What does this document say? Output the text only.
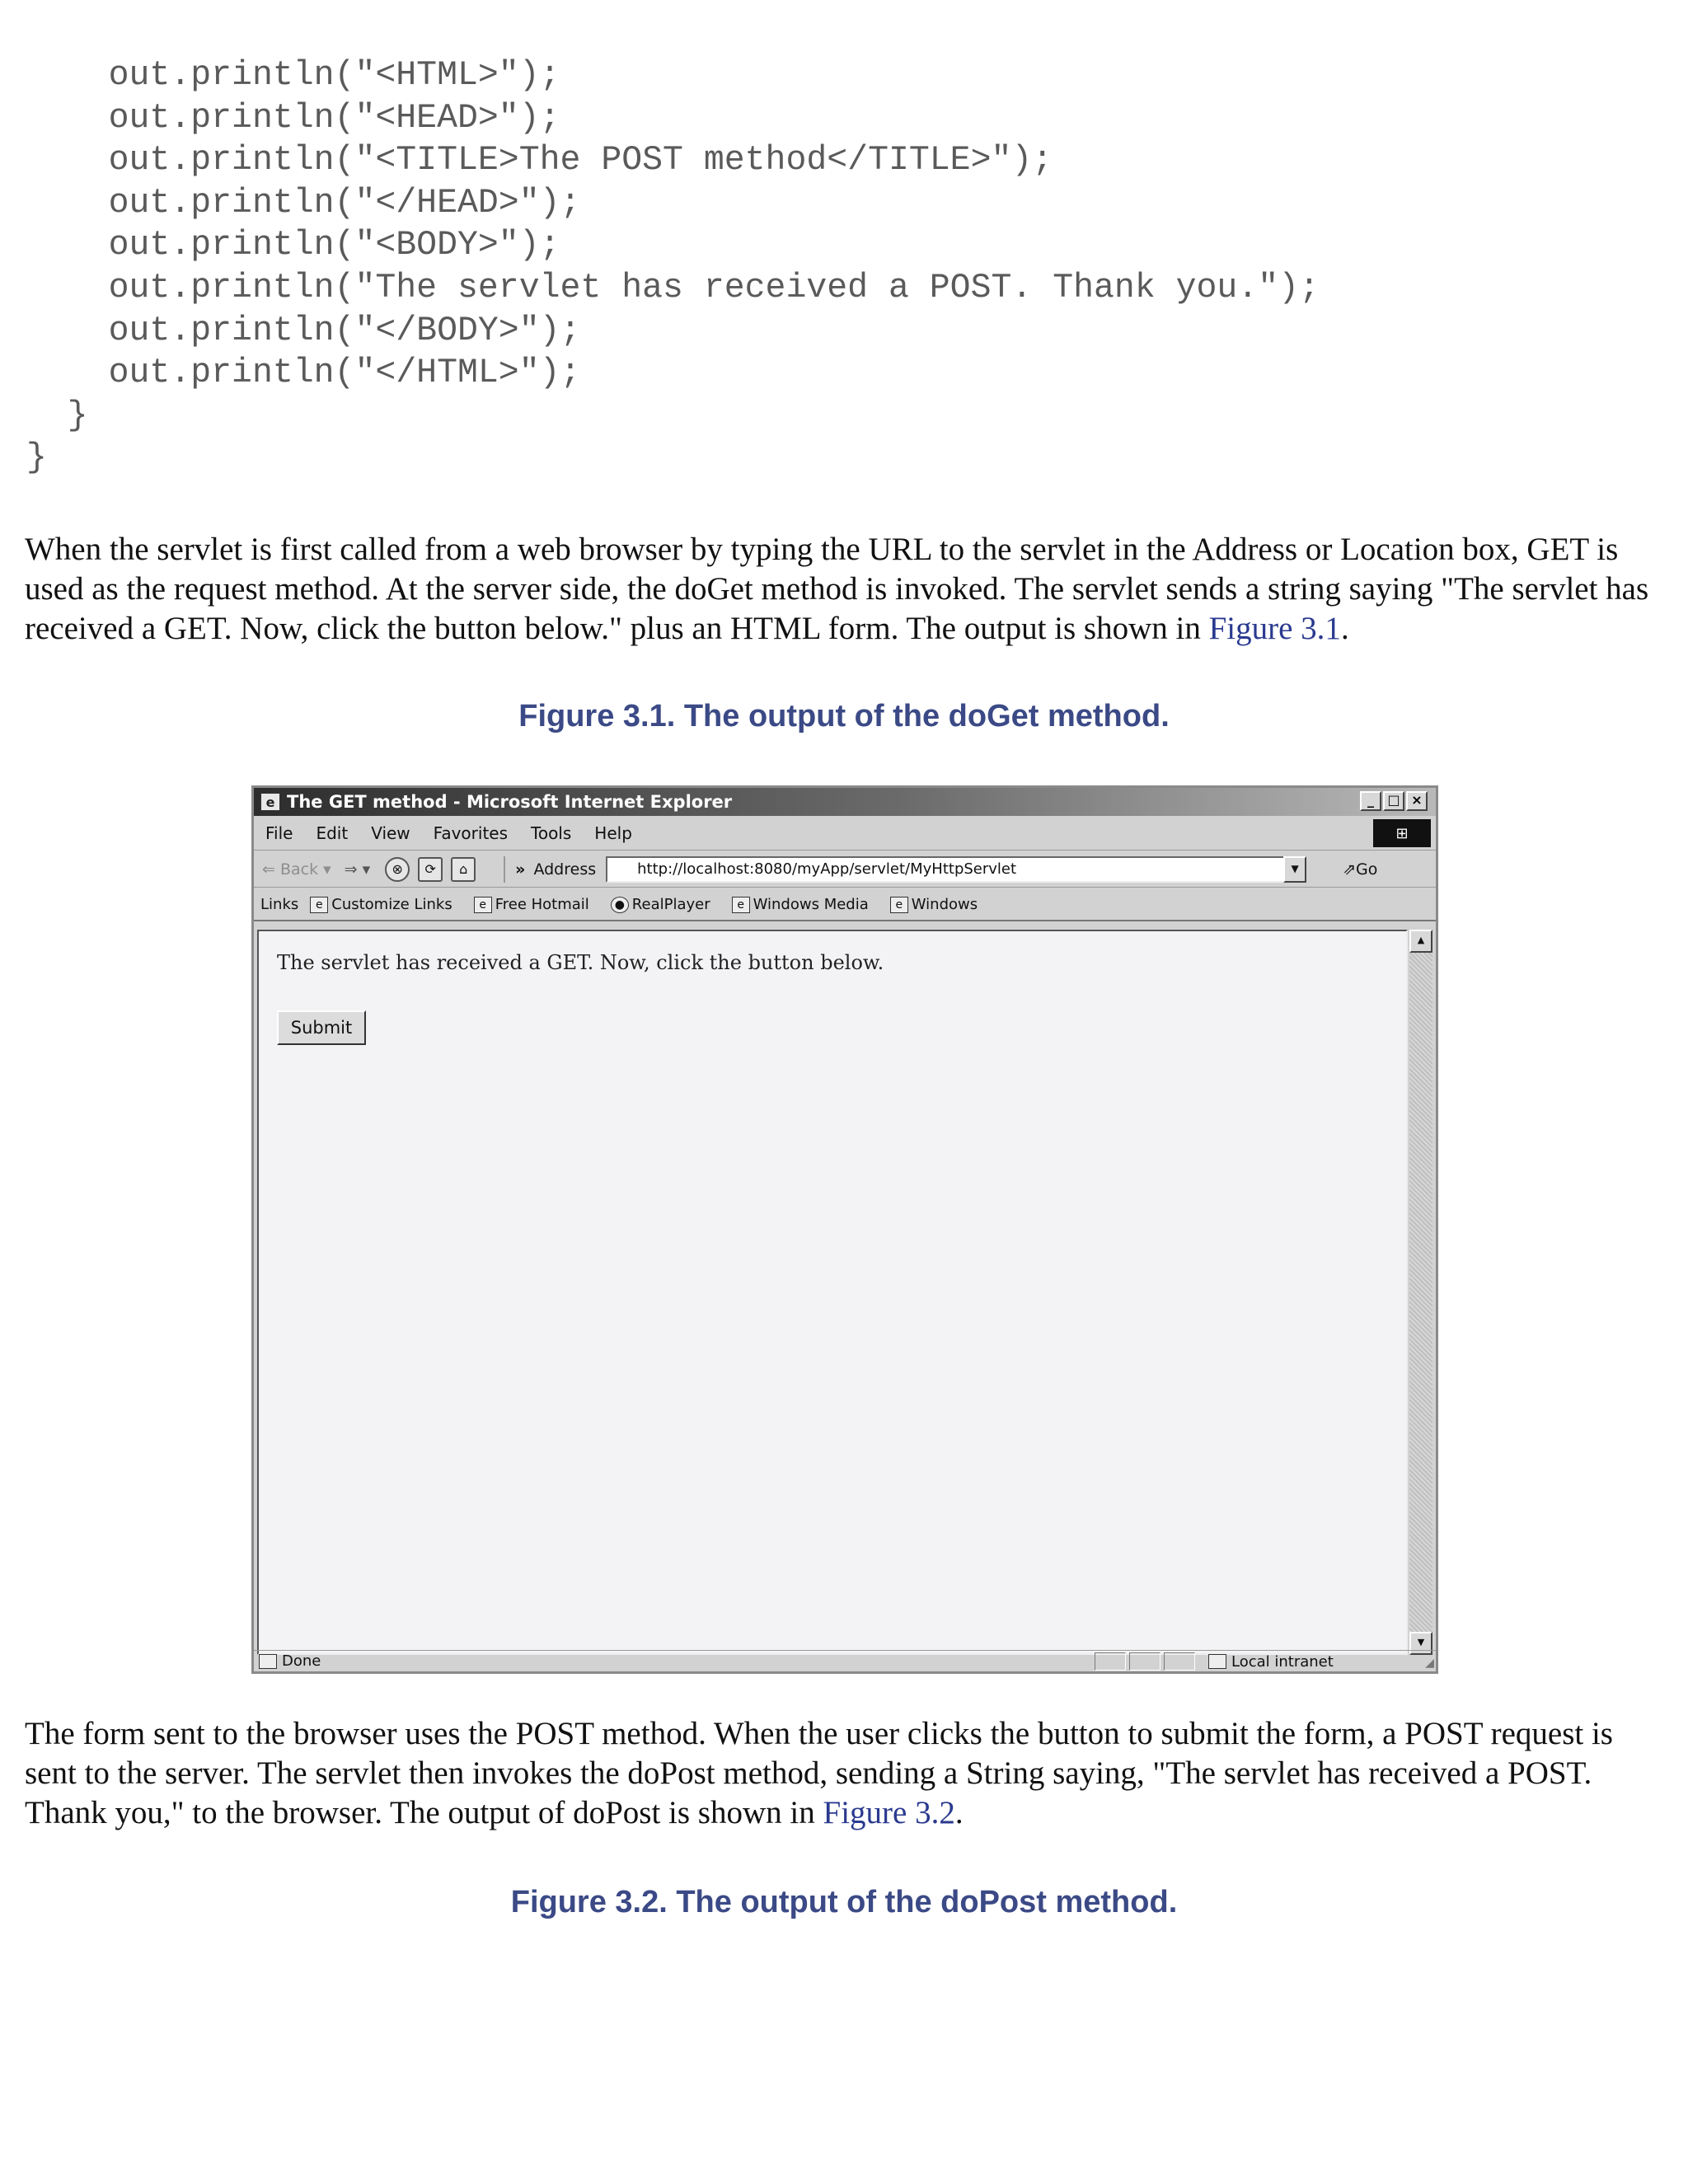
out.println("<HTML>");
out.println("<HEAD>");
out.println("<TITLE>The POST method</TITLE>");
out.println("</HEAD>");
out.println("<BODY>");
out.println("The servlet has received a POST. Thank you.");
out.println("</BODY>");
out.println("</HTML>");
}
}

When the servlet is first called from a web browser by typing the URL to the servlet in the Address or Location box, GET is used as the request method. At the server side, the doGet method is invoked. The servlet sends a string saying "The servlet has received a GET. Now, click the button below." plus an HTML form. The output is shown in Figure 3.1.

Figure 3.1. The output of the doGet method.

e The GET method - Microsoft Internet Explorer	_	□ ×
File Edit View Favorites Tools Help	⊞
⇐ Back ▾ ⇒ ▾	⊗	⟳	⌂	» Address	http://localhost:8080/myApp/servlet/MyHttpServlet	▼	⇗Go
Links	e Customize Links	e Free Hotmail	● RealPlayer	e Windows Media	e Windows
The servlet has received a GET. Now, click the button below.
Submit
▲
▼
Done	Local intranet	◢

The form sent to the browser uses the POST method. When the user clicks the button to submit the form, a POST request is sent to the server. The servlet then invokes the doPost method, sending a String saying, "The servlet has received a POST. Thank you," to the browser. The output of doPost is shown in Figure 3.2.

Figure 3.2. The output of the doPost method.
